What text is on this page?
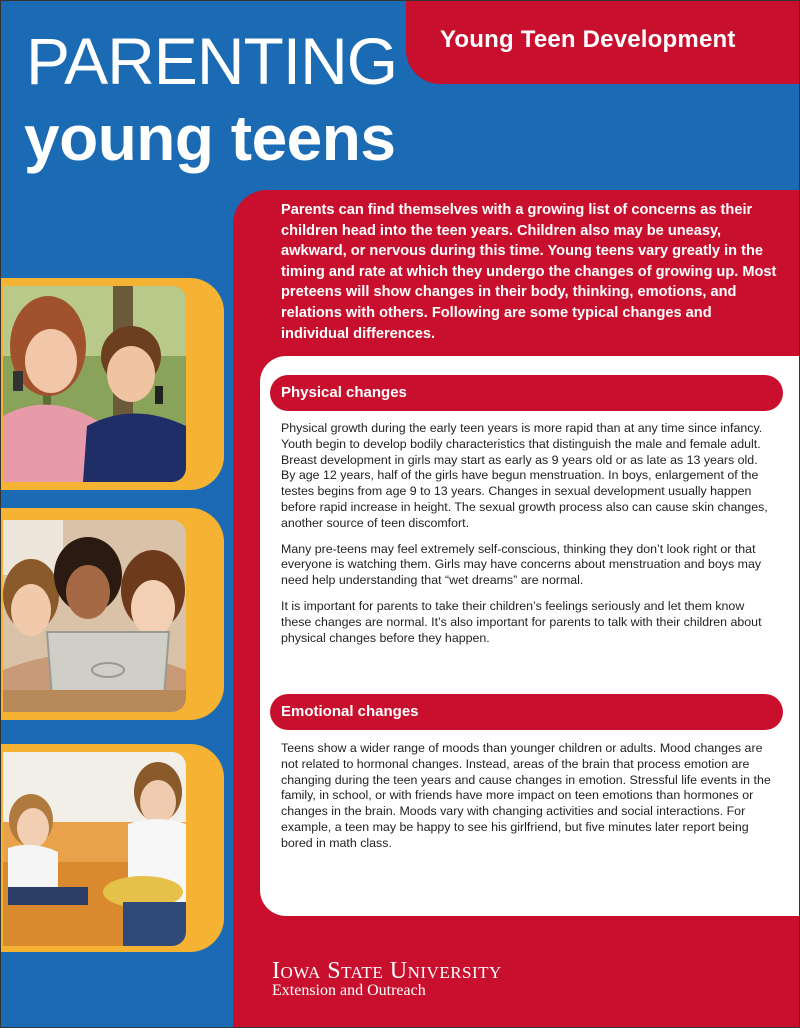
Young Teen Development
PARENTING
young teens
Parents can find themselves with a growing list of concerns as their children head into the teen years. Children also may be uneasy, awkward, or nervous during this time. Young teens vary greatly in the timing and rate at which they undergo the changes of growing up. Most preteens will show changes in their body, thinking, emotions, and relations with others. Following are some typical changes and individual differences.
Physical changes

Physical growth during the early teen years is more rapid than at any time since infancy. Youth begin to develop bodily characteristics that distinguish the male and female adult. Breast development in girls may start as early as 9 years old or as late as 13 years old. By age 12 years, half of the girls have begun menstruation. In boys, enlargement of the testes begins from age 9 to 13 years. Changes in sexual development usually happen before rapid increase in height. The sexual growth process also can cause skin changes, another source of teen discomfort.

Many pre-teens may feel extremely self-conscious, thinking they don’t look right or that everyone is watching them. Girls may have concerns about menstruation and boys may need help understanding that “wet dreams” are normal.

It is important for parents to take their children’s feelings seriously and let them know these changes are normal. It’s also important for parents to talk with their children about physical changes before they happen.

Emotional changes

Teens show a wider range of moods than younger children or adults. Mood changes are not related to hormonal changes. Instead, areas of the brain that process emotion are changing during the teen years and cause changes in emotion. Stressful life events in the family, in school, or with friends have more impact on teen emotions than hormones or changes in the brain. Moods vary with changing activities and social interactions. For example, a teen may be happy to see his girlfriend, but five minutes later report being bored in math class.

IOWA STATE UNIVERSITY
Extension and Outreach
